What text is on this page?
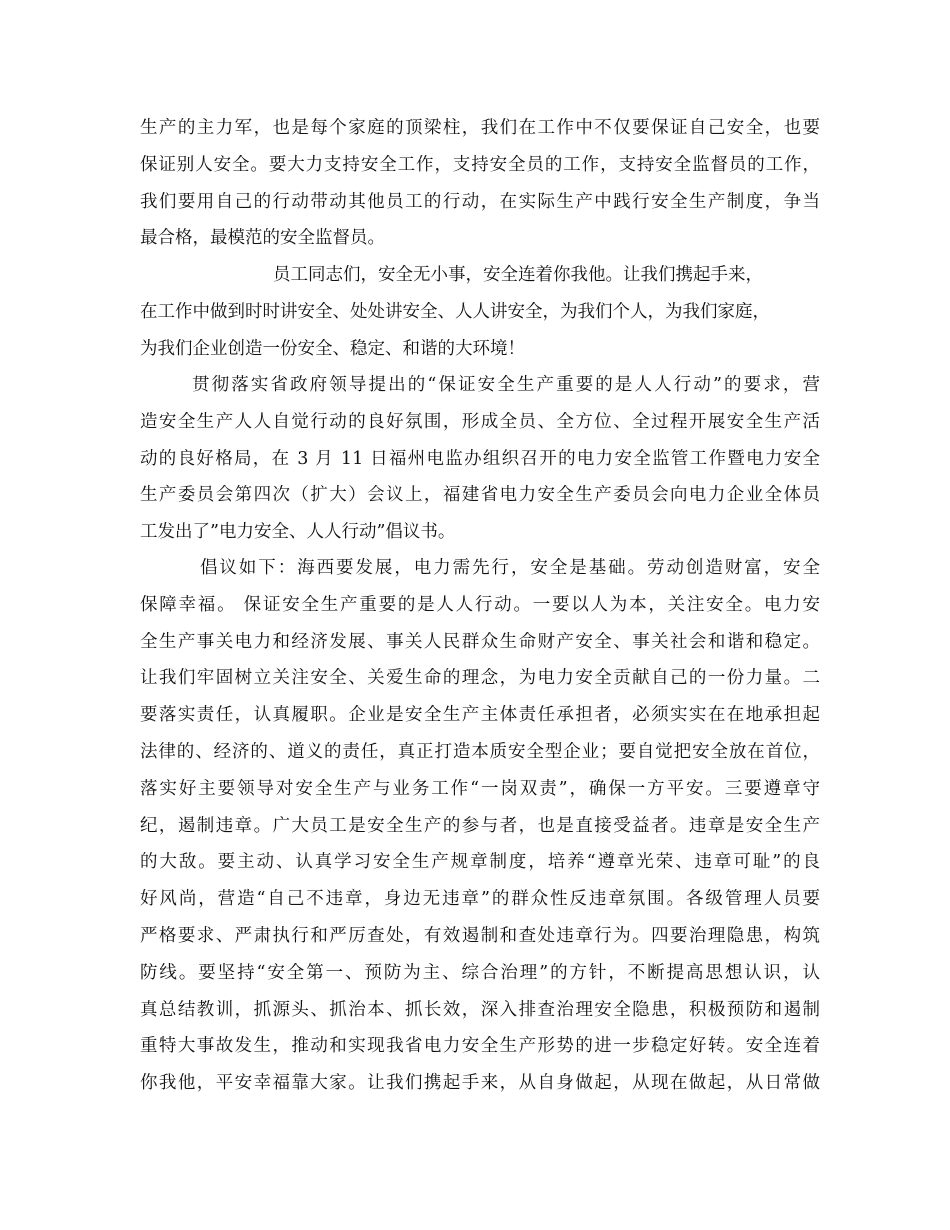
生产的主力军，也是每个家庭的顶梁柱，我们在工作中不仅要保证自己安全，也要
保证别人安全。要大力支持安全工作，支持安全员的工作，支持安全监督员的工作，
我们要用自己的行动带动其他员工的行动，在实际生产中践行安全生产制度，争当
最合格，最模范的安全监督员。
员工同志们，安全无小事，安全连着你我他。让我们携起手来，
在工作中做到时时讲安全、处处讲安全、人人讲安全，为我们个人，为我们家庭，
为我们企业创造一份安全、稳定、和谐的大环境！
贯彻落实省政府领导提出的“保证安全生产重要的是人人行动”的要求，营
造安全生产人人自觉行动的良好氛围，形成全员、全方位、全过程开展安全生产活
动的良好格局，在 3 月 11 日福州电监办组织召开的电力安全监管工作暨电力安全
生产委员会第四次（扩大）会议上，福建省电力安全生产委员会向电力企业全体员
工发出了”电力安全、人人行动”倡议书。
倡议如下：海西要发展，电力需先行，安全是基础。劳动创造财富，安全
保障幸福。 保证安全生产重要的是人人行动。一要以人为本，关注安全。电力安
全生产事关电力和经济发展、事关人民群众生命财产安全、事关社会和谐和稳定。
让我们牢固树立关注安全、关爱生命的理念，为电力安全贡献自己的一份力量。二
要落实责任，认真履职。企业是安全生产主体责任承担者，必须实实在在地承担起
法律的、经济的、道义的责任，真正打造本质安全型企业；要自觉把安全放在首位，
落实好主要领导对安全生产与业务工作“一岗双责”，确保一方平安。三要遵章守
纪，遏制违章。广大员工是安全生产的参与者，也是直接受益者。违章是安全生产
的大敌。要主动、认真学习安全生产规章制度，培养“遵章光荣、违章可耻”的良
好风尚，营造“自己不违章，身边无违章”的群众性反违章氛围。各级管理人员要
严格要求、严肃执行和严厉查处，有效遏制和查处违章行为。四要治理隐患，构筑
防线。要坚持“安全第一、预防为主、综合治理”的方针，不断提高思想认识，认
真总结教训，抓源头、抓治本、抓长效，深入排查治理安全隐患，积极预防和遏制
重特大事故发生，推动和实现我省电力安全生产形势的进一步稳定好转。安全连着
你我他，平安幸福靠大家。让我们携起手来，从自身做起，从现在做起，从日常做
